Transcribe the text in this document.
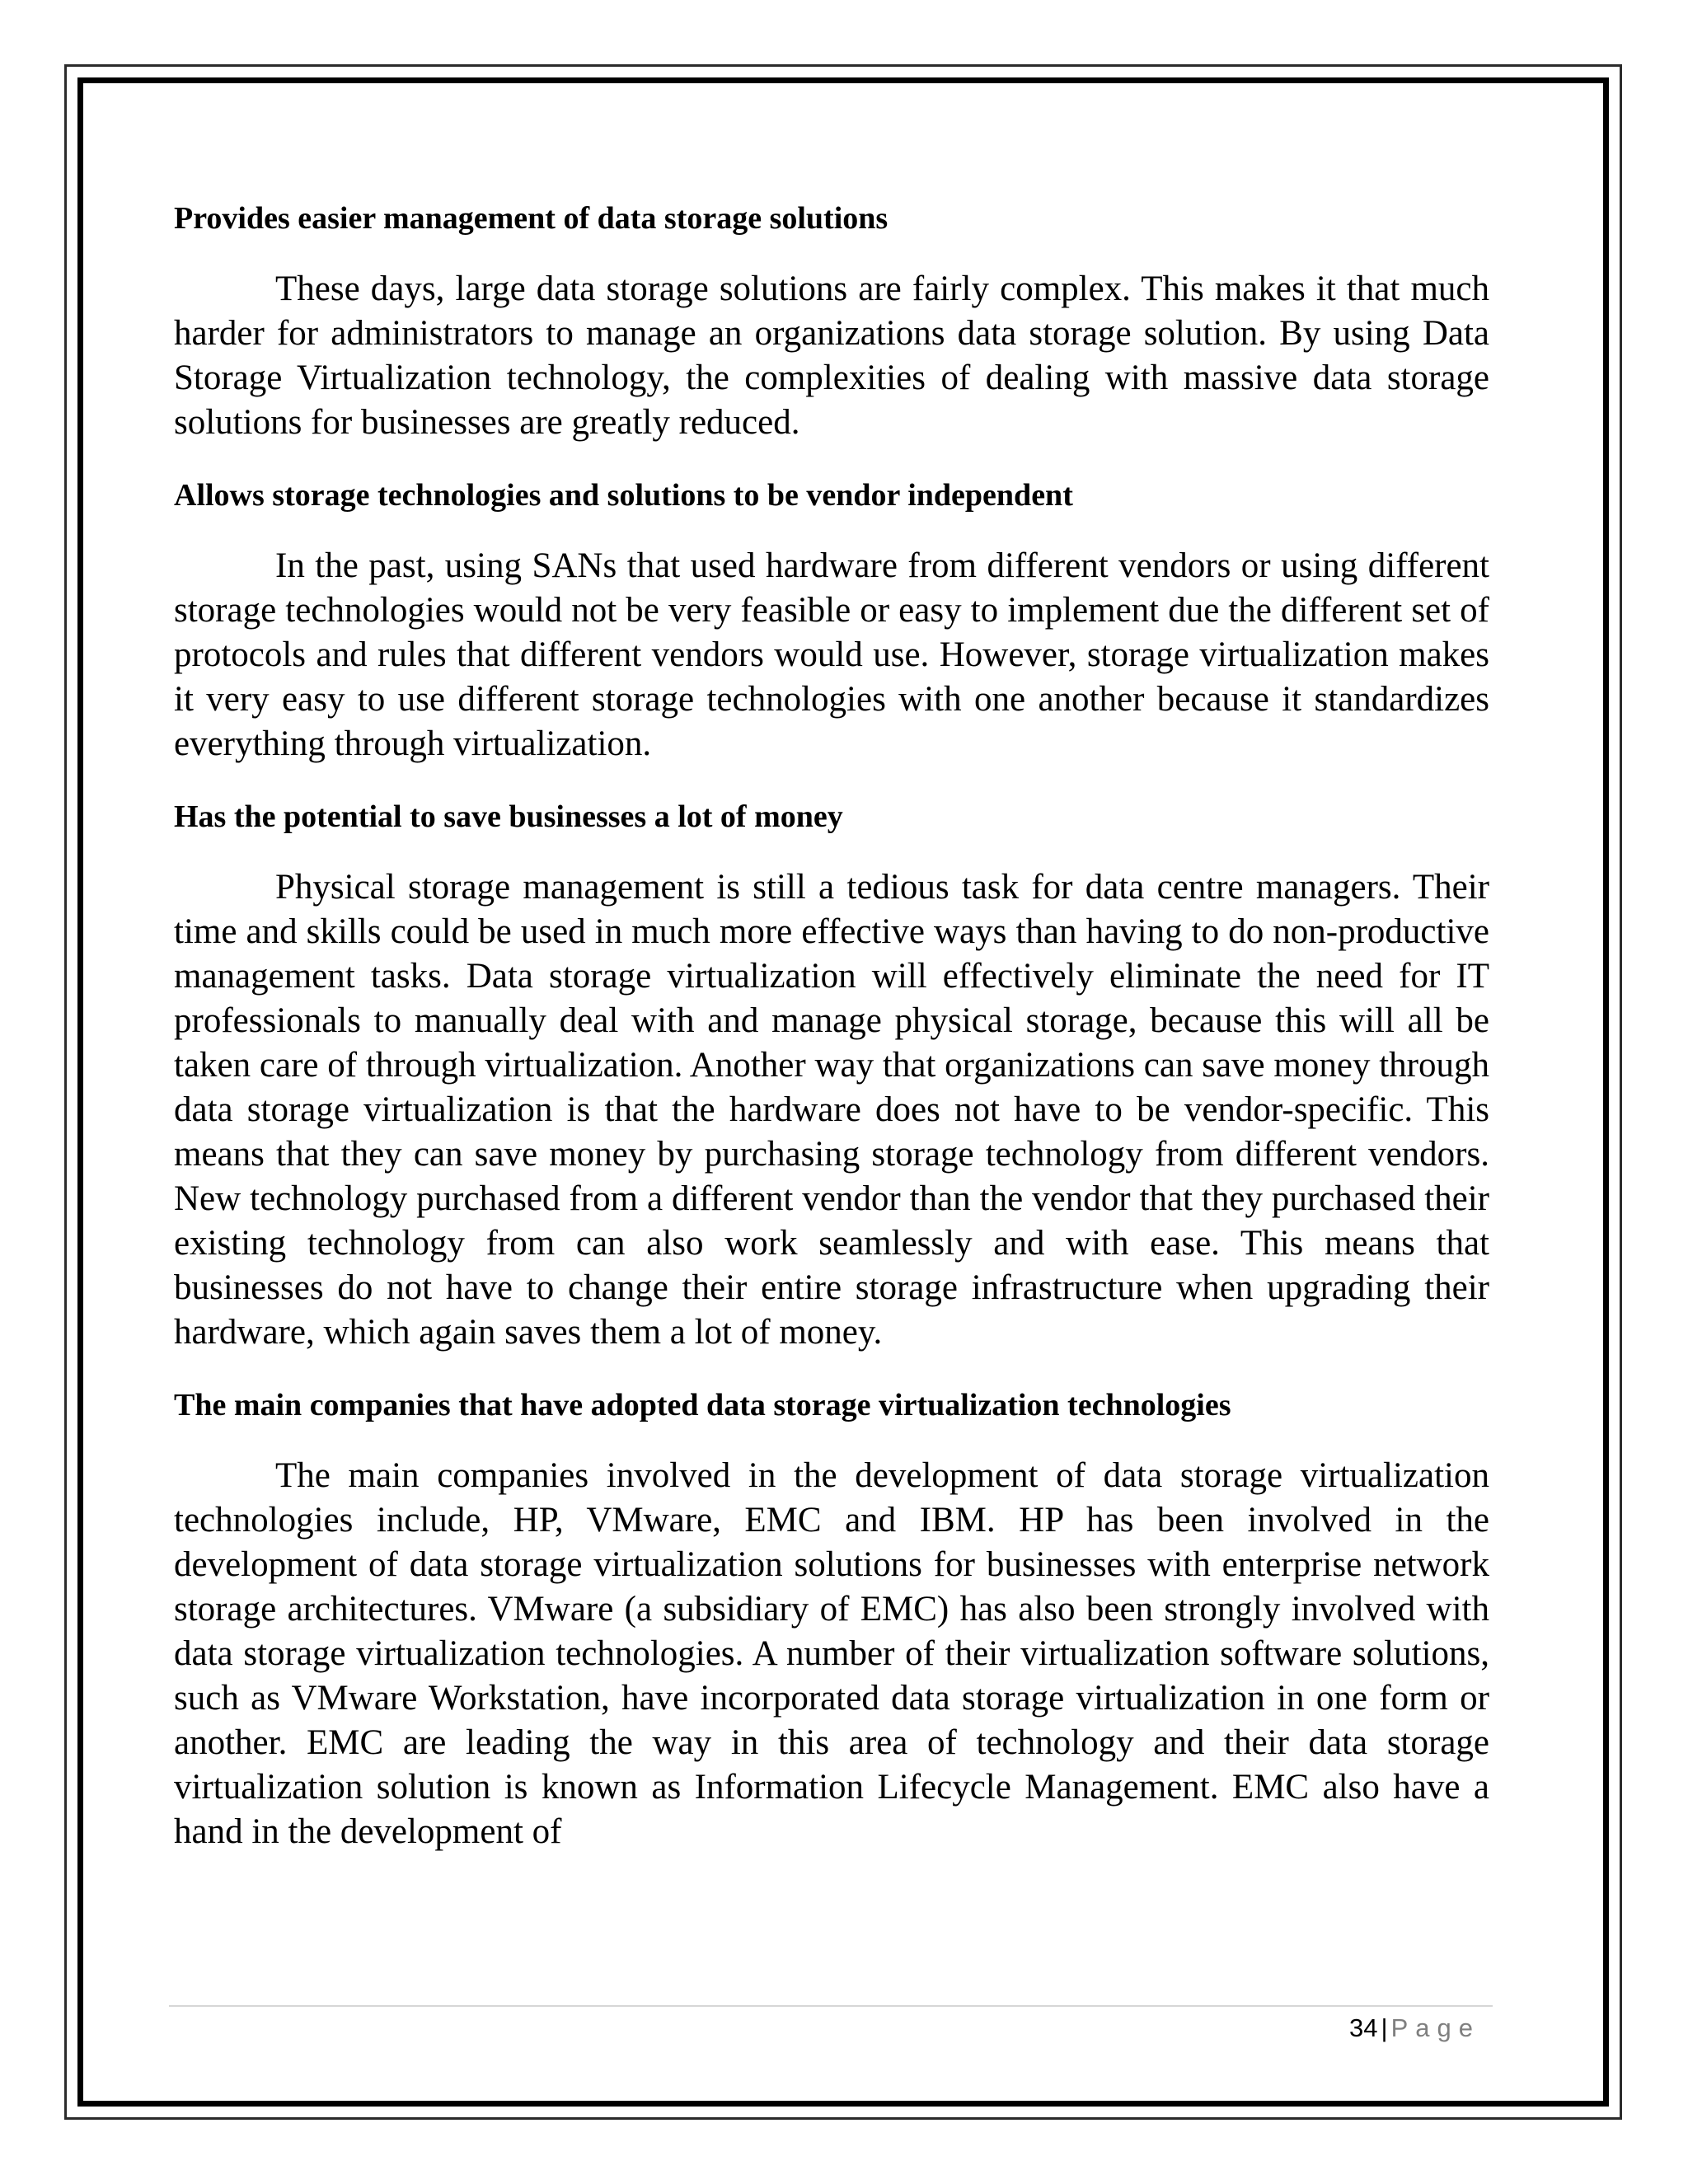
Provides easier management of data storage solutions

These days, large data storage solutions are fairly complex. This makes it that much harder for administrators to manage an organizations data storage solution. By using Data Storage Virtualization technology, the complexities of dealing with massive data storage solutions for businesses are greatly reduced.

Allows storage technologies and solutions to be vendor independent

In the past, using SANs that used hardware from different vendors or using different storage technologies would not be very feasible or easy to implement due the different set of protocols and rules that different vendors would use. However, storage virtualization makes it very easy to use different storage technologies with one another because it standardizes everything through virtualization.

Has the potential to save businesses a lot of money

Physical storage management is still a tedious task for data centre managers. Their time and skills could be used in much more effective ways than having to do non-productive management tasks. Data storage virtualization will effectively eliminate the need for IT professionals to manually deal with and manage physical storage, because this will all be taken care of through virtualization. Another way that organizations can save money through data storage virtualization is that the hardware does not have to be vendor-specific. This means that they can save money by purchasing storage technology from different vendors. New technology purchased from a different vendor than the vendor that they purchased their existing technology from can also work seamlessly and with ease. This means that businesses do not have to change their entire storage infrastructure when upgrading their hardware, which again saves them a lot of money.

The main companies that have adopted data storage virtualization technologies

The main companies involved in the development of data storage virtualization technologies include, HP, VMware, EMC and IBM. HP has been involved in the development of data storage virtualization solutions for businesses with enterprise network storage architectures. VMware (a subsidiary of EMC) has also been strongly involved with data storage virtualization technologies. A number of their virtualization software solutions, such as VMware Workstation, have incorporated data storage virtualization in one form or another. EMC are leading the way in this area of technology and their data storage virtualization solution is known as Information Lifecycle Management. EMC also have a hand in the development of

34 | Page
